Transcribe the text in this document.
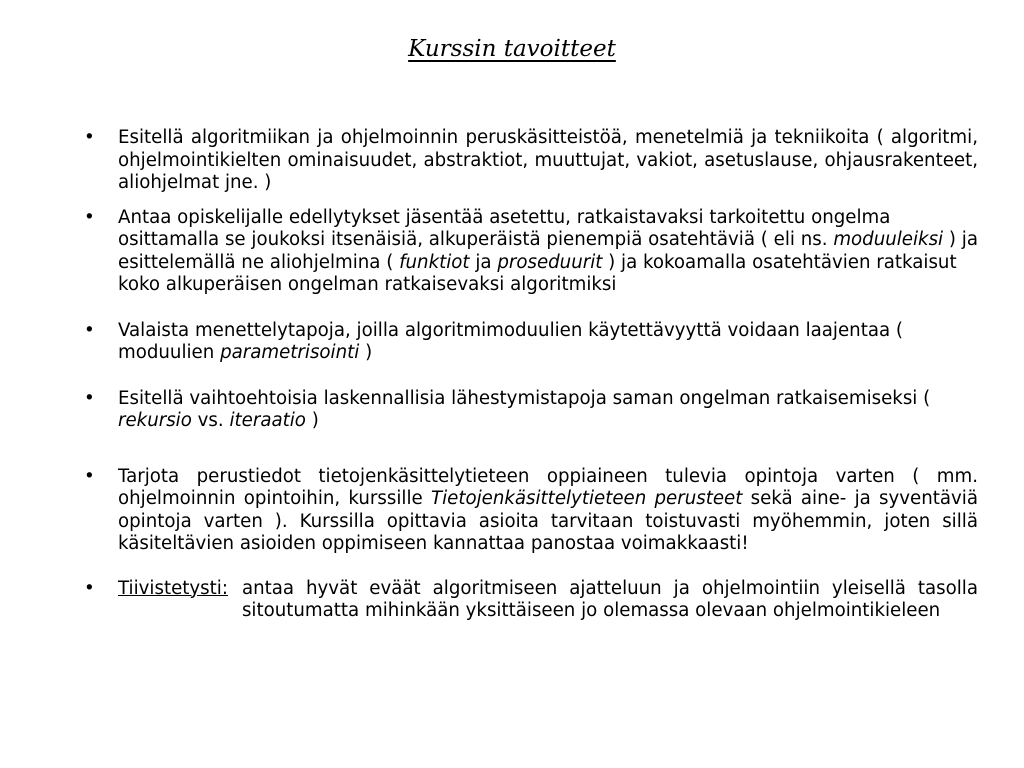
Kurssin tavoitteet
• Esitellä algoritmiikan ja ohjelmoinnin peruskäsitteistöä, menetelmiä ja tekniikoita ( algoritmi, ohjelmointikielten ominaisuudet, abstraktiot, muuttujat, vakiot, asetuslause, ohjausrakenteet, aliohjelmat jne. )
• Antaa opiskelijalle edellytykset jäsentää asetettu, ratkaistavaksi tarkoitettu ongelma osittamalla se joukoksi itsenäisiä, alkuperäistä pienempiä osatehtäviä ( eli ns. moduuleiksi ) ja esittelemällä ne aliohjelmina ( funktiot ja proseduurit ) ja kokoamalla osatehtävien ratkaisut koko alkuperäisen ongelman ratkaisevaksi algoritmiksi
• Valaista menettelytapoja, joilla algoritmimoduulien käytettävyyttä voidaan laajentaa ( moduulien parametrisointi )
• Esitellä vaihtoehtoisia laskennallisia lähestymistapoja saman ongelman ratkaisemiseksi ( rekursio vs. iteraatio )
• Tarjota perustiedot tietojenkäsittelytieteen oppiaineen tulevia opintoja varten ( mm. ohjelmoinnin opintoihin, kurssille Tietojenkäsittelytieteen perusteet sekä aine- ja syventäviä opintoja varten ). Kurssilla opittavia asioita tarvitaan toistuvasti myöhemmin, joten sillä käsiteltävien asioiden oppimiseen kannattaa panostaa voimakkaasti!
• Tiivistetysti: antaa hyvät eväät algoritmiseen ajatteluun ja ohjelmointiin yleisellä tasolla sitoutumatta mihinkään yksittäiseen jo olemassa olevaan ohjelmointikieleen
